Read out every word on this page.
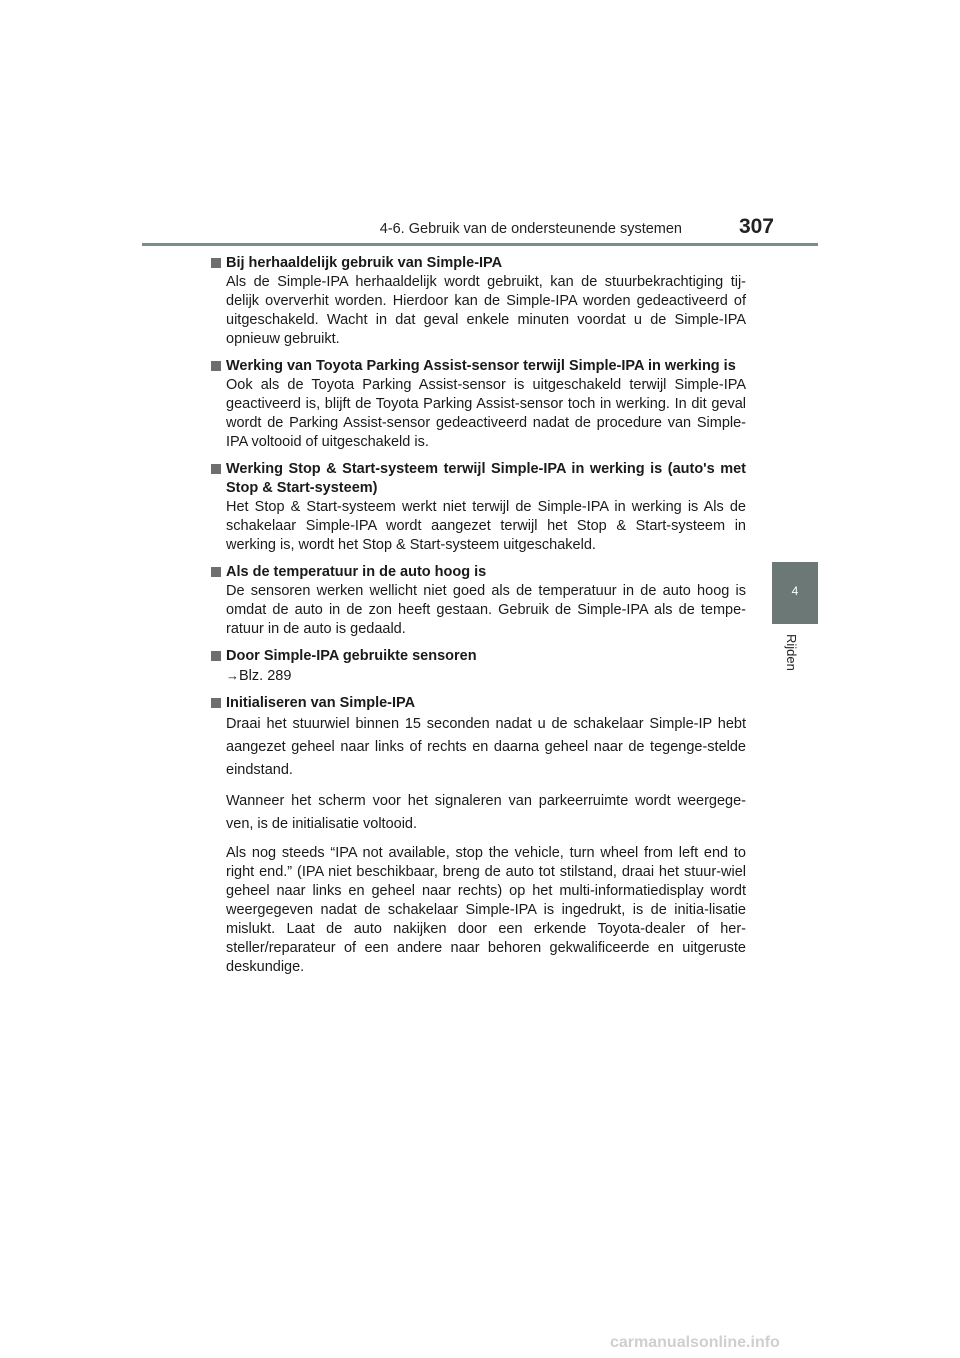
4-6. Gebruik van de ondersteunende systemen	307
4
Rijden
Bij herhaaldelijk gebruik van Simple-IPA
Als de Simple-IPA herhaaldelijk wordt gebruikt, kan de stuurbekrachtiging tij-delijk oververhit worden. Hierdoor kan de Simple-IPA worden gedeactiveerd of uitgeschakeld. Wacht in dat geval enkele minuten voordat u de Simple-IPA opnieuw gebruikt.
Werking van Toyota Parking Assist-sensor terwijl Simple-IPA in werking is
Ook als de Toyota Parking Assist-sensor is uitgeschakeld terwijl Simple-IPA geactiveerd is, blijft de Toyota Parking Assist-sensor toch in werking. In dit geval wordt de Parking Assist-sensor gedeactiveerd nadat de procedure van Simple-IPA voltooid of uitgeschakeld is.
Werking Stop & Start-systeem terwijl Simple-IPA in werking is (auto's met Stop & Start-systeem)
Het Stop & Start-systeem werkt niet terwijl de Simple-IPA in werking is Als de schakelaar Simple-IPA wordt aangezet terwijl het Stop & Start-systeem in werking is, wordt het Stop & Start-systeem uitgeschakeld.
Als de temperatuur in de auto hoog is
De sensoren werken wellicht niet goed als de temperatuur in de auto hoog is omdat de auto in de zon heeft gestaan. Gebruik de Simple-IPA als de tempe-ratuur in de auto is gedaald.
Door Simple-IPA gebruikte sensoren
→Blz. 289
Initialiseren van Simple-IPA
Draai het stuurwiel binnen 15 seconden nadat u de schakelaar Simple-IP hebt aangezet geheel naar links of rechts en daarna geheel naar de tegenge-stelde eindstand.
Wanneer het scherm voor het signaleren van parkeerruimte wordt weergege-ven, is de initialisatie voltooid.
Als nog steeds “IPA not available, stop the vehicle, turn wheel from left end to right end.” (IPA niet beschikbaar, breng de auto tot stilstand, draai het stuur-wiel geheel naar links en geheel naar rechts) op het multi-informatiedisplay wordt weergegeven nadat de schakelaar Simple-IPA is ingedrukt, is de initia-lisatie mislukt. Laat de auto nakijken door een erkende Toyota-dealer of her-steller/reparateur of een andere naar behoren gekwalificeerde en uitgeruste deskundige.
carmanualsonline.info
